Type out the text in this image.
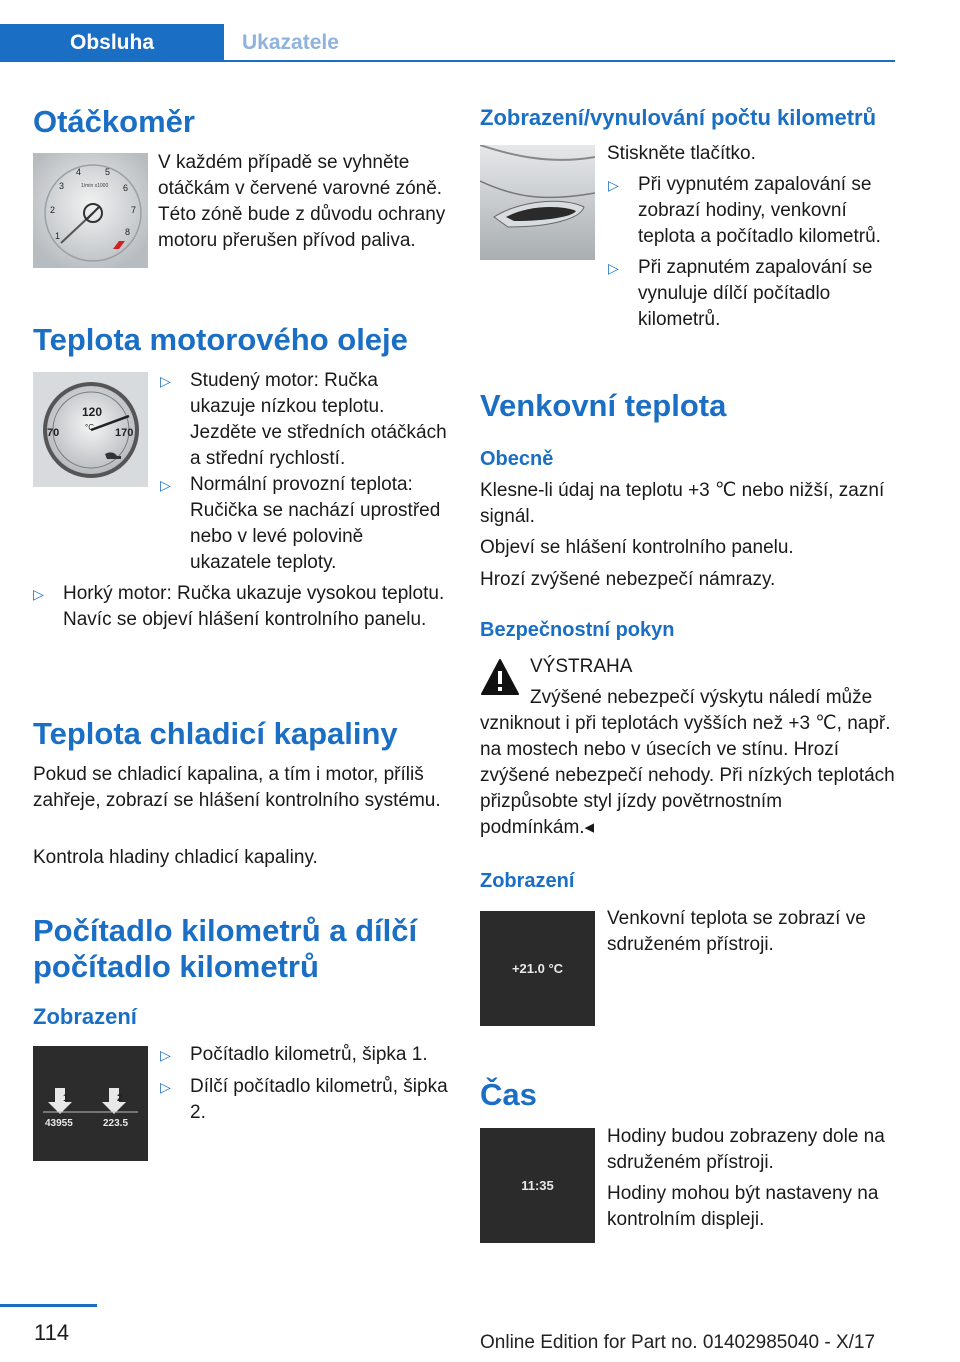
Obsluha	Ukazatele
Otáčkoměr
1
2
3
4	5
6
7
8
1/min x1000
V každém případě se vyhněte otáčkám v červené varovné zóně. Této zóně bude z důvodu ochrany motoru přerušen přívod paliva.
Teplota motorového oleje
120
°C
70	170
▷	Studený motor: Ručka ukazuje nízkou teplotu. Jezděte ve středních otáčkách a střední rychlostí.
▷	Normální provozní teplota: Ručička se nachází uprostřed nebo v levé polovině ukazatele teploty.
▷	Horký motor: Ručka ukazuje vysokou teplotu. Navíc se objeví hlášení kontrolního panelu.
Teplota chladicí kapaliny
Pokud se chladicí kapalina, a tím i motor, příliš zahřeje, zobrazí se hlášení kontrolního systému.
Kontrola hladiny chladicí kapaliny.
Počítadlo kilometrů a dílčí počítadlo kilometrů
Zobrazení
1	2
43955	223.5
▷	Počítadlo kilometrů, šipka 1.
▷	Dílčí počítadlo kilometrů, šipka 2.
Zobrazení/vynulování počtu kilometrů
Stiskněte tlačítko.
▷	Při vypnutém zapalování se zobrazí hodiny, venkovní teplota a počítadlo kilometrů.
▷	Při zapnutém zapalování se vynuluje dílčí počítadlo kilometrů.
Venkovní teplota
Obecně
Klesne-li údaj na teplotu +3 ℃ nebo nižší, zazní signál.
Objeví se hlášení kontrolního panelu.
Hrozí zvýšené nebezpečí námrazy.
Bezpečnostní pokyn
VÝSTRAHA
Zvýšené nebezpečí výskytu náledí může
vzniknout i při teplotách vyšších než +3 ℃, např. na mostech nebo v úsecích ve stínu. Hrozí zvýšené nebezpečí nehody. Při nízkých teplotách přizpůsobte styl jízdy povětrnostním podmínkám.◂
Zobrazení
+21.0 °C
Venkovní teplota se zobrazí ve sdruženém přístroji.
Čas
11:35
Hodiny budou zobrazeny dole na sdruženém přístroji.
Hodiny mohou být nastaveny na kontrolním displeji.
114	Online Edition for Part no. 01402985040 - X/17
